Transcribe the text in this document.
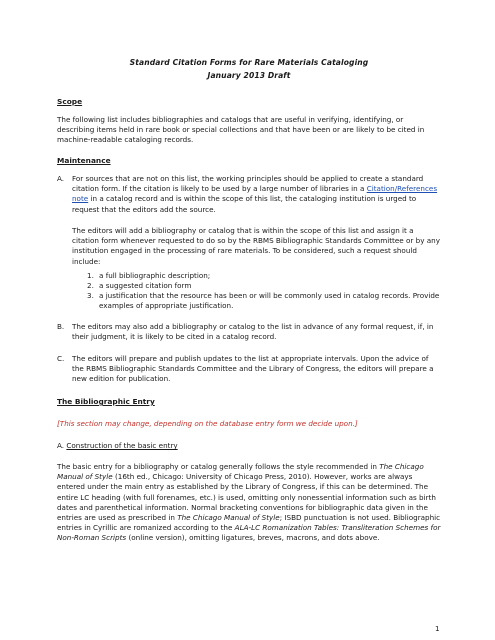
Standard Citation Forms for Rare Materials Cataloging
January 2013 Draft
Scope
The following list includes bibliographies and catalogs that are useful in verifying, identifying, or describing items held in rare book or special collections and that have been or are likely to be cited in machine-readable cataloging records.
Maintenance
A. For sources that are not on this list, the working principles should be applied to create a standard citation form. If the citation is likely to be used by a large number of libraries in a Citation/References note in a catalog record and is within the scope of this list, the cataloging institution is urged to request that the editors add the source.
The editors will add a bibliography or catalog that is within the scope of this list and assign it a citation form whenever requested to do so by the RBMS Bibliographic Standards Committee or by any institution engaged in the processing of rare materials. To be considered, such a request should include:
1. a full bibliographic description;
2. a suggested citation form
3. a justification that the resource has been or will be commonly used in catalog records. Provide examples of appropriate justification.
B. The editors may also add a bibliography or catalog to the list in advance of any formal request, if, in their judgment, it is likely to be cited in a catalog record.
C. The editors will prepare and publish updates to the list at appropriate intervals. Upon the advice of the RBMS Bibliographic Standards Committee and the Library of Congress, the editors will prepare a new edition for publication.
The Bibliographic Entry
[This section may change, depending on the database entry form we decide upon.]
A. Construction of the basic entry
The basic entry for a bibliography or catalog generally follows the style recommended in The Chicago Manual of Style (16th ed., Chicago: University of Chicago Press, 2010). However, works are always entered under the main entry as established by the Library of Congress, if this can be determined. The entire LC heading (with full forenames, etc.) is used, omitting only nonessential information such as birth dates and parenthetical information. Normal bracketing conventions for bibliographic data given in the entries are used as prescribed in The Chicago Manual of Style; ISBD punctuation is not used. Bibliographic entries in Cyrillic are romanized according to the ALA-LC Romanization Tables: Transliteration Schemes for Non-Roman Scripts (online version), omitting ligatures, breves, macrons, and dots above.
1
